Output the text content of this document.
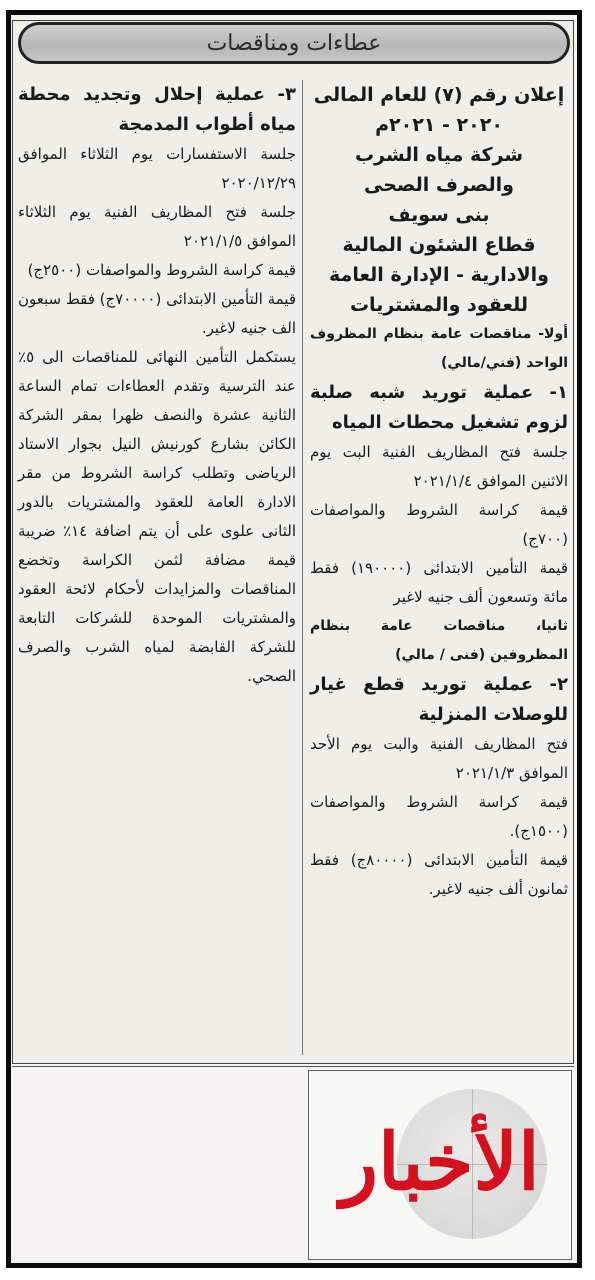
عطاءات ومناقصات

إعلان رقم (٧) للعام المالى ٢٠٢٠ - ٢٠٢١م

شركة مياه الشرب

والصرف الصحى

بنى سويف

قطاع الشئون المالية

والادارية - الإدارة العامة

للعقود والمشتريات

أولا- مناقصات عامة بنظام المظروف الواحد (فني/مالي)

١- عملية توريد شبه صلبة لزوم تشغيل محطات المياه

جلسة فتح المظاريف الفنية البت يوم الاثنين الموافق ٢٠٢١/١/٤

قيمة كراسة الشروط والمواصفات (٧٠٠ج)

قيمة التأمين الابتدائى (١٩٠٠٠٠) فقط مائة وتسعون ألف جنيه لاغير

ثانيا، مناقصات عامة بنظام المظروفين (فنى / مالي)

٢- عملية توريد قطع غيار للوصلات المنزلية

فتح المظاريف الفنية والبت يوم الأحد الموافق ٢٠٢١/١/٣

قيمة كراسة الشروط والمواصفات (١٥٠٠ج).

قيمة التأمين الابتدائى (٨٠٠٠٠ج) فقط ثمانون ألف جنيه لاغير.

٣- عملية إحلال وتجديد محطة مياه أطواب المدمجة

جلسة الاستفسارات يوم الثلاثاء الموافق ٢٠٢٠/١٢/٢٩

جلسة فتح المظاريف الفنية يوم الثلاثاء الموافق ٢٠٢١/١/٥

قيمة كراسة الشروط والمواصفات (٢٥٠٠ج)

قيمة التأمين الابتدائى (٧٠٠٠٠ج) فقط سبعون الف جنيه لاغير.

يستكمل التأمين النهائى للمناقصات الى ٥٪ عند الترسية وتقدم العطاءات تمام الساعة الثانية عشرة والنصف ظهرا بمقر الشركة الكائن بشارع كورنيش النيل بجوار الاستاد الرياضى وتطلب كراسة الشروط من مقر الادارة العامة للعقود والمشتريات بالدور الثانى علوى على أن يتم اضافة ١٤٪ ضريبة قيمة مضافة لثمن الكراسة وتخضع المناقصات والمزايدات لأحكام لائحة العقود والمشتريات الموحدة للشركات التابعة للشركة القابضة لمياه الشرب والصرف الصحي.

الأخبار
